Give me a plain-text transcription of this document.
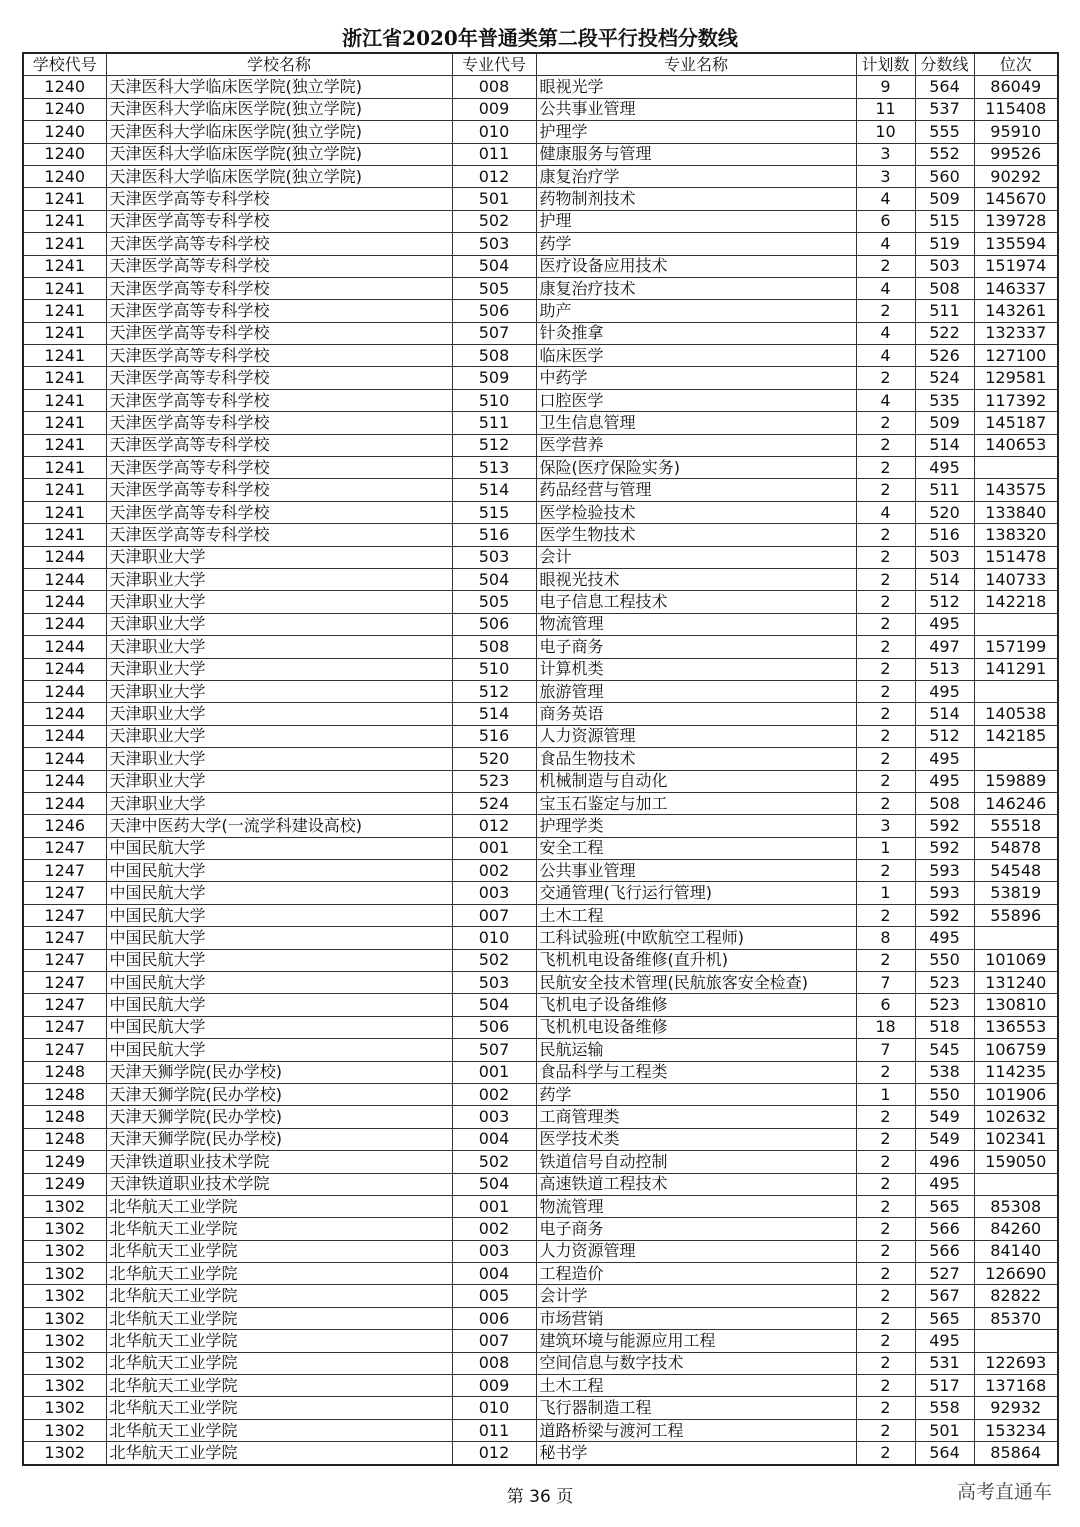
浙江省2020年普通类第二段平行投档分数线
学校代号	学校名称	专业代号	专业名称	计划数	分数线	位次
1240	天津医科大学临床医学院(独立学院)	008	眼视光学	9	564	86049
1240	天津医科大学临床医学院(独立学院)	009	公共事业管理	11	537	115408
1240	天津医科大学临床医学院(独立学院)	010	护理学	10	555	95910
1240	天津医科大学临床医学院(独立学院)	011	健康服务与管理	3	552	99526
1240	天津医科大学临床医学院(独立学院)	012	康复治疗学	3	560	90292
1241	天津医学高等专科学校	501	药物制剂技术	4	509	145670
1241	天津医学高等专科学校	502	护理	6	515	139728
1241	天津医学高等专科学校	503	药学	4	519	135594
1241	天津医学高等专科学校	504	医疗设备应用技术	2	503	151974
1241	天津医学高等专科学校	505	康复治疗技术	4	508	146337
1241	天津医学高等专科学校	506	助产	2	511	143261
1241	天津医学高等专科学校	507	针灸推拿	4	522	132337
1241	天津医学高等专科学校	508	临床医学	4	526	127100
1241	天津医学高等专科学校	509	中药学	2	524	129581
1241	天津医学高等专科学校	510	口腔医学	4	535	117392
1241	天津医学高等专科学校	511	卫生信息管理	2	509	145187
1241	天津医学高等专科学校	512	医学营养	2	514	140653
1241	天津医学高等专科学校	513	保险(医疗保险实务)	2	495	
1241	天津医学高等专科学校	514	药品经营与管理	2	511	143575
1241	天津医学高等专科学校	515	医学检验技术	4	520	133840
1241	天津医学高等专科学校	516	医学生物技术	2	516	138320
1244	天津职业大学	503	会计	2	503	151478
1244	天津职业大学	504	眼视光技术	2	514	140733
1244	天津职业大学	505	电子信息工程技术	2	512	142218
1244	天津职业大学	506	物流管理	2	495	
1244	天津职业大学	508	电子商务	2	497	157199
1244	天津职业大学	510	计算机类	2	513	141291
1244	天津职业大学	512	旅游管理	2	495	
1244	天津职业大学	514	商务英语	2	514	140538
1244	天津职业大学	516	人力资源管理	2	512	142185
1244	天津职业大学	520	食品生物技术	2	495	
1244	天津职业大学	523	机械制造与自动化	2	495	159889
1244	天津职业大学	524	宝玉石鉴定与加工	2	508	146246
1246	天津中医药大学(一流学科建设高校)	012	护理学类	3	592	55518
1247	中国民航大学	001	安全工程	1	592	54878
1247	中国民航大学	002	公共事业管理	2	593	54548
1247	中国民航大学	003	交通管理(飞行运行管理)	1	593	53819
1247	中国民航大学	007	土木工程	2	592	55896
1247	中国民航大学	010	工科试验班(中欧航空工程师)	8	495	
1247	中国民航大学	502	飞机机电设备维修(直升机)	2	550	101069
1247	中国民航大学	503	民航安全技术管理(民航旅客安全检查)	7	523	131240
1247	中国民航大学	504	飞机电子设备维修	6	523	130810
1247	中国民航大学	506	飞机机电设备维修	18	518	136553
1247	中国民航大学	507	民航运输	7	545	106759
1248	天津天狮学院(民办学校)	001	食品科学与工程类	2	538	114235
1248	天津天狮学院(民办学校)	002	药学	1	550	101906
1248	天津天狮学院(民办学校)	003	工商管理类	2	549	102632
1248	天津天狮学院(民办学校)	004	医学技术类	2	549	102341
1249	天津铁道职业技术学院	502	铁道信号自动控制	2	496	159050
1249	天津铁道职业技术学院	504	高速铁道工程技术	2	495	
1302	北华航天工业学院	001	物流管理	2	565	85308
1302	北华航天工业学院	002	电子商务	2	566	84260
1302	北华航天工业学院	003	人力资源管理	2	566	84140
1302	北华航天工业学院	004	工程造价	2	527	126690
1302	北华航天工业学院	005	会计学	2	567	82822
1302	北华航天工业学院	006	市场营销	2	565	85370
1302	北华航天工业学院	007	建筑环境与能源应用工程	2	495	
1302	北华航天工业学院	008	空间信息与数字技术	2	531	122693
1302	北华航天工业学院	009	土木工程	2	517	137168
1302	北华航天工业学院	010	飞行器制造工程	2	558	92932
1302	北华航天工业学院	011	道路桥梁与渡河工程	2	501	153234
1302	北华航天工业学院	012	秘书学	2	564	85864
第 36 页	高考直通车
